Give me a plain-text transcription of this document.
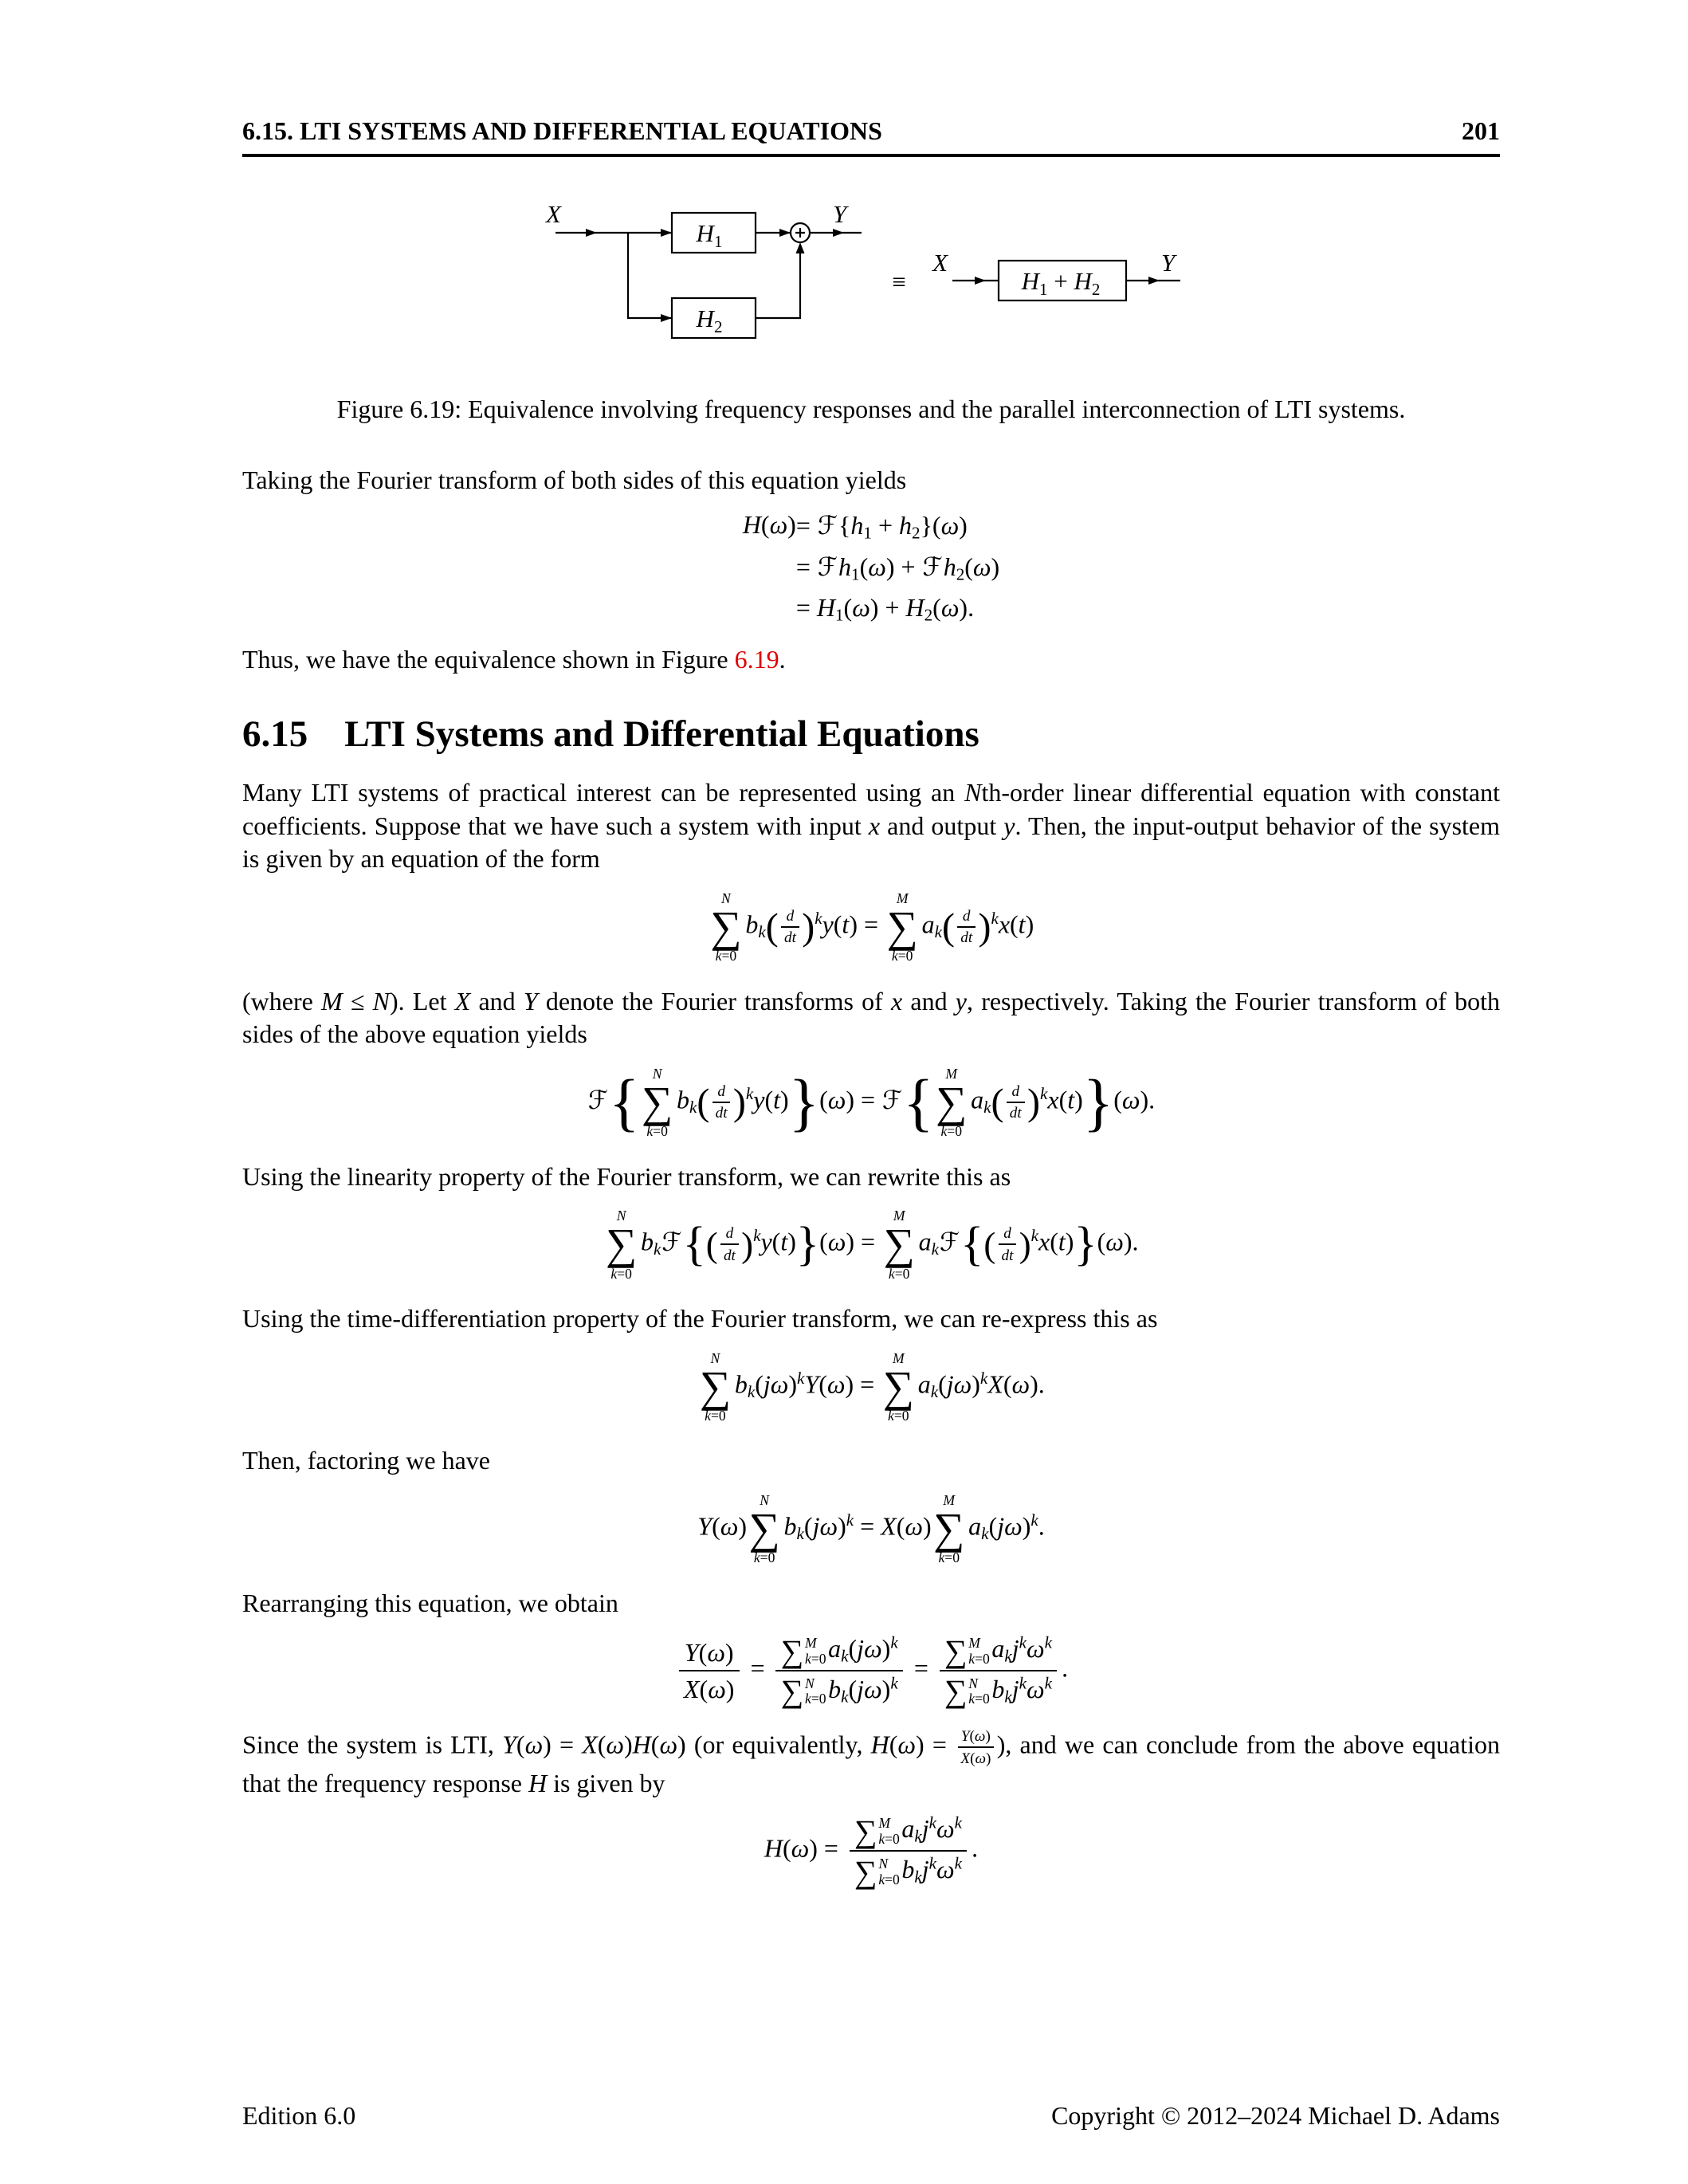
6.15. LTI SYSTEMS AND DIFFERENTIAL EQUATIONS	201
X	Y
$H_1$
$H_2$
≡
X	Y
$H_1 + H_2$
Figure 6.19: Equivalence involving frequency responses and the parallel interconnection of LTI systems.

Taking the Fourier transform of both sides of this equation yields

H(ω) = ℱ{h1 + h2}(ω)
= ℱh1(ω) + ℱh2(ω)
= H1(ω) + H2(ω).

Thus, we have the equivalence shown in Figure 6.19.

6.15 LTI Systems and Differential Equations

Many LTI systems of practical interest can be represented using an Nth-order linear differential equation with constant coefficients. Suppose that we have such a system with input x and output y. Then, the input-output behavior of the system is given by an equation of the form

N
∑
k=0
$bk( \frac{d}{dt} )^ky(t)$ =
M
∑
k=0
$ak( \frac{d}{dt} )^kx(t)$

(where M ≤ N). Let X and Y denote the Fourier transforms of x and y, respectively. Taking the Fourier transform of both sides of the above equation yields

ℱ{ N
∑
k=0
$bk( \frac{d}{dt} )^ky(t)\}(\omega)$ = ℱ{ M
∑
k=0
$ak( \frac{d}{dt} )^kx(t)\}(\omega)$.

Using the linearity property of the Fourier transform, we can rewrite this as

N
∑
k=0
bkℱ{( $\frac{d}{dt} )^ky(t)\}(\omega)$ =
M
∑
k=0
akℱ{( $\frac{d}{dt} )^kx(t)\}(\omega)$.

Using the time-differentiation property of the Fourier transform, we can re-express this as

N
∑
k=0
$bk(j\omega)^kY(\omega)$ =
M
∑
k=0
$ak(j\omega)^kX(\omega)$.

Then, factoring we have

Y(ω)
N
∑
k=0
$bk(j\omega)^k = X(\omega)$
M
∑
k=0
$ak(j\omega)^k$.

Rearranging this equation, we obtain

$\frac{Y(\omega)}{X(\omega)}$ = ∑ M
k=0 $ak(j\omega)^k$
∑ N
k=0 $bk(j\omega)^k$ = ∑ M
k=0 $akj^k\omega^k$
∑ N
k=0 $bkj^k\omega^k$
.

Since the system is LTI, Y(ω) = X(ω)H(ω) (or equivalently, $H(\omega) = \frac{Y(\omega)}{X(\omega)}$ ), and we can conclude from the above equation that the frequency response H is given by

H(ω) = ∑ M
k=0 $akj^k\omega^k$
∑ N
k=0 $bkj^k\omega^k$
.
Edition 6.0	Copyright © 2012–2024 Michael D. Adams
